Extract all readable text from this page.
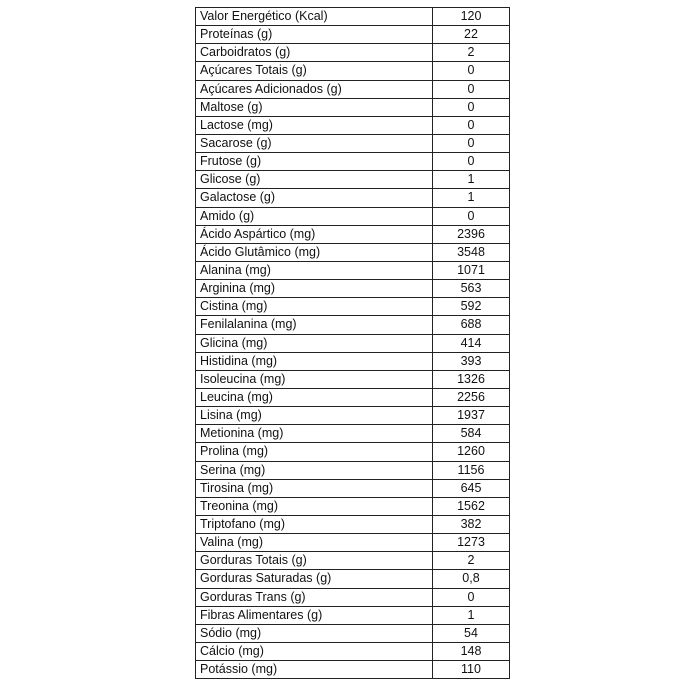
Valor Energético (Kcal)	120
Proteínas (g)	22
Carboidratos (g)	2
Açúcares Totais (g)	0
Açúcares Adicionados (g)	0
Maltose (g)	0
Lactose (mg)	0
Sacarose (g)	0
Frutose (g)	0
Glicose (g)	1
Galactose (g)	1
Amido (g)	0
Ácido Aspártico (mg)	2396
Ácido Glutâmico (mg)	3548
Alanina (mg)	1071
Arginina (mg)	563
Cistina (mg)	592
Fenilalanina (mg)	688
Glicina (mg)	414
Histidina (mg)	393
Isoleucina (mg)	1326
Leucina (mg)	2256
Lisina (mg)	1937
Metionina (mg)	584
Prolina (mg)	1260
Serina (mg)	1156
Tirosina (mg)	645
Treonina (mg)	1562
Triptofano (mg)	382
Valina (mg)	1273
Gorduras Totais (g)	2
Gorduras Saturadas (g)	0,8
Gorduras Trans (g)	0
Fibras Alimentares (g)	1
Sódio (mg)	54
Cálcio (mg)	148
Potássio (mg)	110
